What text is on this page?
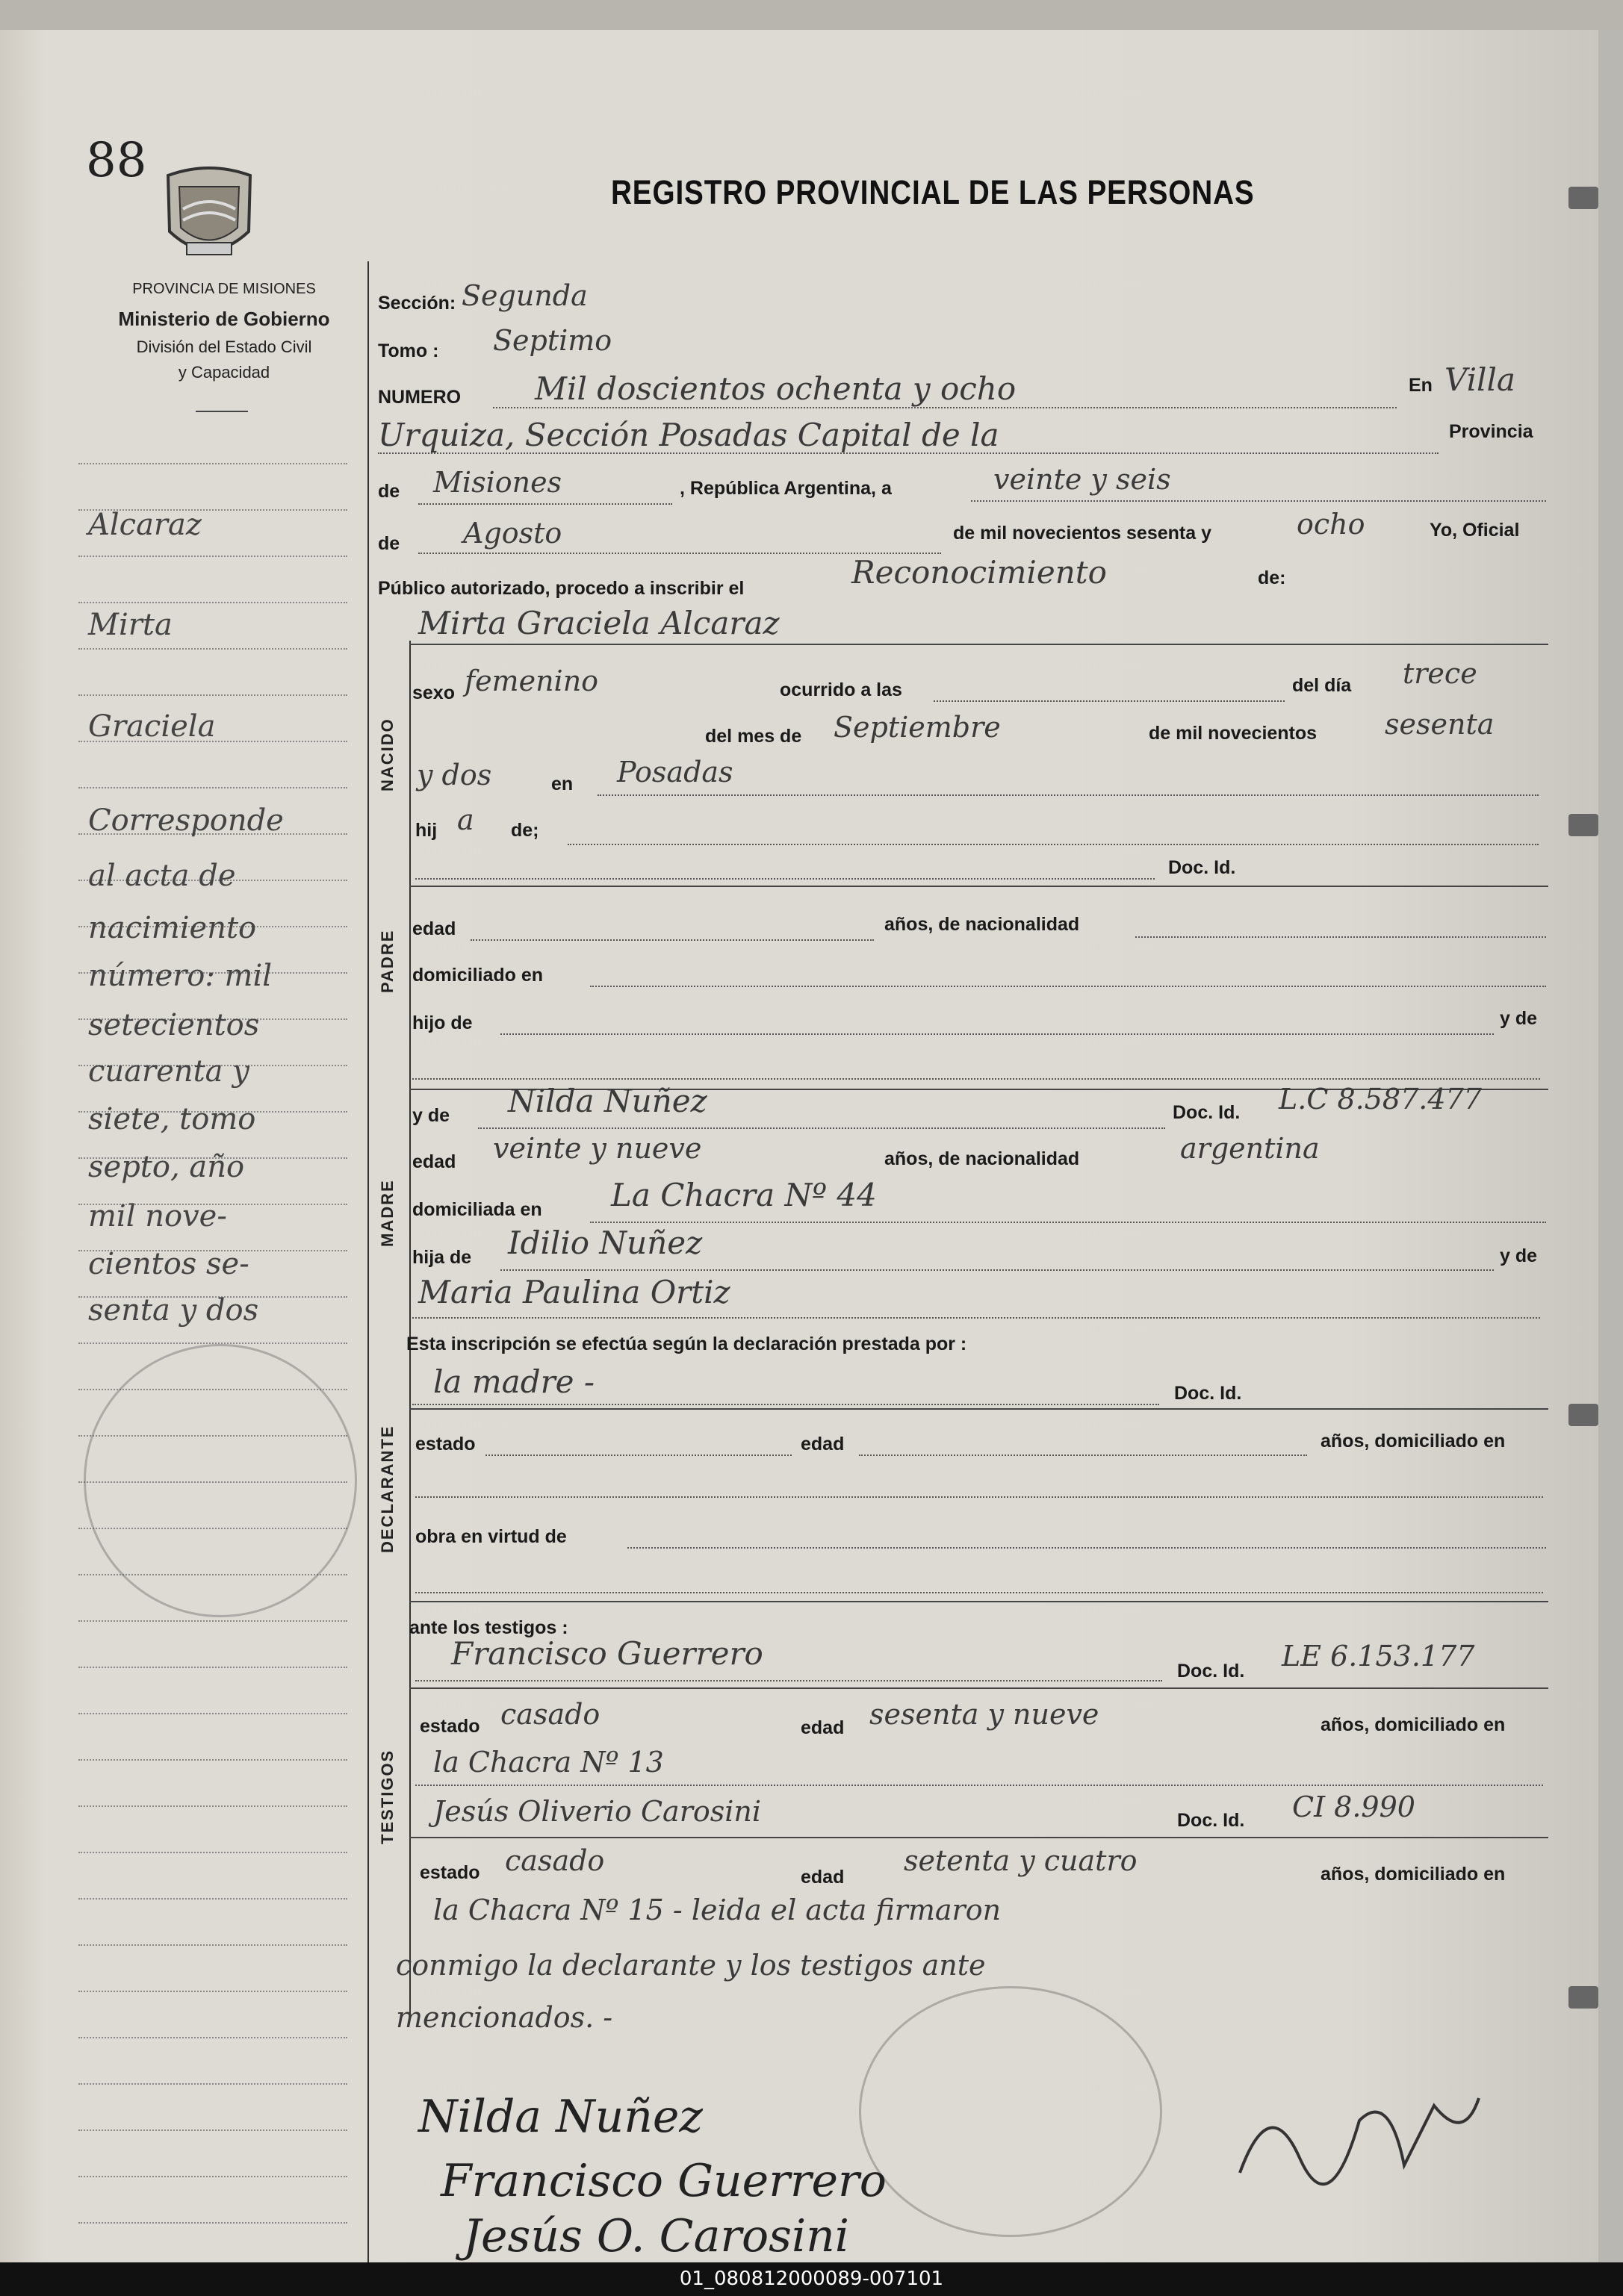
88
PROVINCIA DE MISIONES
Ministerio de Gobierno
División del Estado Civil
y Capacidad
REGISTRO PROVINCIAL DE LAS PERSONAS
Sección: Segunda
Tomo : Septimo
NUMERO Mil doscientos ochenta y ocho	En Villa
Urquiza, Sección Posadas Capital de la	Provincia
de Misiones	, República Argentina, a	veinte y seis
de Agosto	de mil novecientos sesenta y	ocho	Yo, Oficial
Público autorizado, procedo a inscribir el	Reconocimiento	de:
Mirta Graciela Alcaraz
NACIDO
sexo femenino	ocurrido a las	del día trece
del mes de Septiembre	de mil novecientos sesenta
y dos	en Posadas
hij a de;
Doc. Id.
PADRE
edad	años, de nacionalidad
domiciliado en
hijo de	y de
MADRE
y de Nilda Nuñez	Doc. Id. L.C 8.587.477
edad veinte y nueve	años, de nacionalidad	argentina
domiciliada en La Chacra Nº 44
hija de Idilio Nuñez	y de
Maria Paulina Ortiz
Esta inscripción se efectúa según la declaración prestada por :
la madre -	Doc. Id.
DECLARANTE estado	edad	años, domiciliado en
obra en virtud de
ante los testigos :
TESTIGOS
Francisco Guerrero	Doc. Id. LE 6.153.177
estado casado	edad sesenta y nueve	años, domiciliado en
la Chacra Nº 13
Jesús Oliverio Carosini	Doc. Id. CI 8.990
estado casado	edad setenta y cuatro	años, domiciliado en
la Chacra Nº 15 - leida el acta firmaron
conmigo la declarante y los testigos ante
mencionados. -
Alcaraz
Mirta
Graciela
Corresponde
al acta de
nacimiento
número: mil
setecientos
cuarenta y
siete, tomo
septo, año
mil nove-
cientos se-
senta y dos
Nilda Nuñez
Francisco Guerrero
Jesús O. Carosini
01_080812000089-007101
